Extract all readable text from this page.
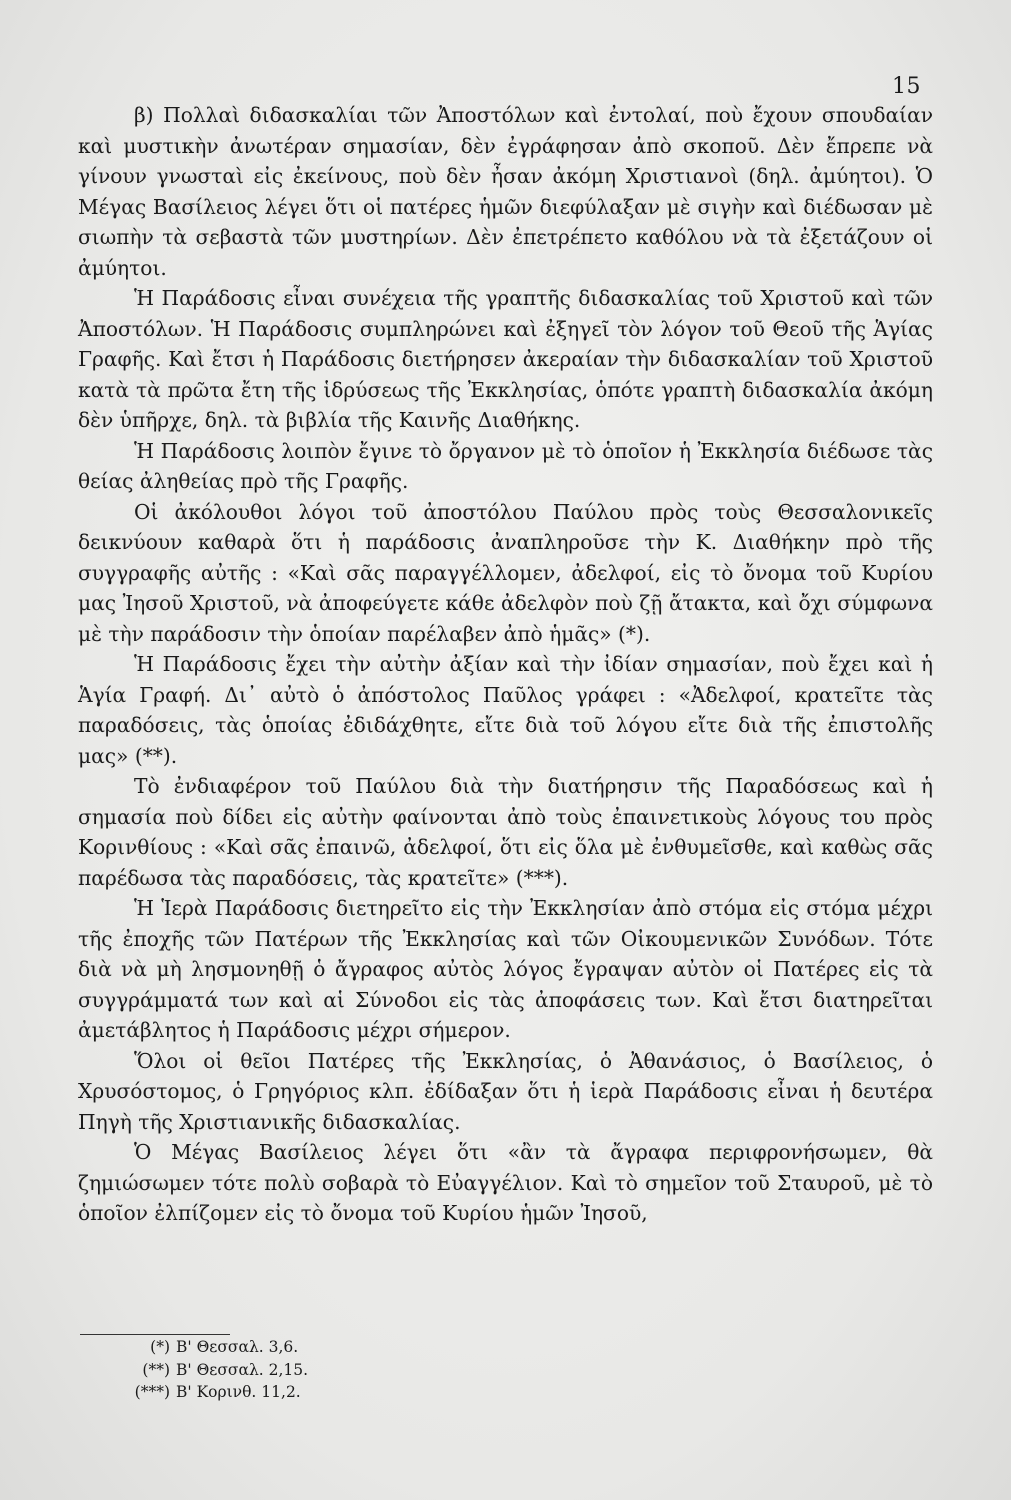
15

β) Πολλαὶ διδασκαλίαι τῶν Ἀποστόλων καὶ ἐντολαί, ποὺ ἔχουν σπουδαίαν καὶ μυστικὴν ἀνωτέραν σημασίαν, δὲν ἐγράφησαν ἀπὸ σκοποῦ. Δὲν ἔπρεπε νὰ γίνουν γνωσταὶ εἰς ἐκείνους, ποὺ δὲν ἦσαν ἀκόμη Χριστιανοὶ (δηλ. ἀμύητοι). Ὁ Μέγας Βασίλειος λέγει ὅτι οἱ πατέρες ἡμῶν διεφύλαξαν μὲ σιγὴν καὶ διέδωσαν μὲ σιωπὴν τὰ σεβαστὰ τῶν μυστηρίων. Δὲν ἐπετρέπετο καθόλου νὰ τὰ ἐξετάζουν οἱ ἀμύητοι.

Ἡ Παράδοσις εἶναι συνέχεια τῆς γραπτῆς διδασκαλίας τοῦ Χριστοῦ καὶ τῶν Ἀποστόλων. Ἡ Παράδοσις συμπληρώνει καὶ ἐξηγεῖ τὸν λόγον τοῦ Θεοῦ τῆς Ἁγίας Γραφῆς. Καὶ ἔτσι ἡ Παράδοσις διετήρησεν ἀκεραίαν τὴν διδασκαλίαν τοῦ Χριστοῦ κατὰ τὰ πρῶτα ἔτη τῆς ἱδρύσεως τῆς Ἐκκλησίας, ὁπότε γραπτὴ διδασκαλία ἀκόμη δὲν ὑπῆρχε, δηλ. τὰ βιβλία τῆς Καινῆς Διαθήκης.

Ἡ Παράδοσις λοιπὸν ἔγινε τὸ ὄργανον μὲ τὸ ὁποῖον ἡ Ἐκκλησία διέδωσε τὰς θείας ἀληθείας πρὸ τῆς Γραφῆς.

Οἱ ἀκόλουθοι λόγοι τοῦ ἀποστόλου Παύλου πρὸς τοὺς Θεσσαλονικεῖς δεικνύουν καθαρὰ ὅτι ἡ παράδοσις ἀναπληροῦσε τὴν Κ. Διαθήκην πρὸ τῆς συγγραφῆς αὐτῆς : «Καὶ σᾶς παραγγέλλομεν, ἀδελφοί, εἰς τὸ ὄνομα τοῦ Κυρίου μας Ἰησοῦ Χριστοῦ, νὰ ἀποφεύγετε κάθε ἀδελφὸν ποὺ ζῇ ἄτακτα, καὶ ὄχι σύμφωνα μὲ τὴν παράδοσιν τὴν ὁποίαν παρέλαβεν ἀπὸ ἡμᾶς» (*).

Ἡ Παράδοσις ἔχει τὴν αὐτὴν ἀξίαν καὶ τὴν ἰδίαν σημασίαν, ποὺ ἔχει καὶ ἡ Ἁγία Γραφή. Δι᾽ αὐτὸ ὁ ἀπόστολος Παῦλος γράφει : «Ἀδελφοί, κρατεῖτε τὰς παραδόσεις, τὰς ὁποίας ἐδιδάχθητε, εἴτε διὰ τοῦ λόγου εἴτε διὰ τῆς ἐπιστολῆς μας» (**).

Τὸ ἐνδιαφέρον τοῦ Παύλου διὰ τὴν διατήρησιν τῆς Παραδόσεως καὶ ἡ σημασία ποὺ δίδει εἰς αὐτὴν φαίνονται ἀπὸ τοὺς ἐπαινετικοὺς λόγους του πρὸς Κορινθίους : «Καὶ σᾶς ἐπαινῶ, ἀδελφοί, ὅτι εἰς ὅλα μὲ ἐνθυμεῖσθε, καὶ καθὼς σᾶς παρέδωσα τὰς παραδόσεις, τὰς κρατεῖτε» (***).

Ἡ Ἱερὰ Παράδοσις διετηρεῖτο εἰς τὴν Ἐκκλησίαν ἀπὸ στόμα εἰς στόμα μέχρι τῆς ἐποχῆς τῶν Πατέρων τῆς Ἐκκλησίας καὶ τῶν Οἰκουμενικῶν Συνόδων. Τότε διὰ νὰ μὴ λησμονηθῇ ὁ ἄγραφος αὐτὸς λόγος ἔγραψαν αὐτὸν οἱ Πατέρες εἰς τὰ συγγράμματά των καὶ αἱ Σύνοδοι εἰς τὰς ἀποφάσεις των. Καὶ ἔτσι διατηρεῖται ἀμετάβλητος ἡ Παράδοσις μέχρι σήμερον.

Ὅλοι οἱ θεῖοι Πατέρες τῆς Ἐκκλησίας, ὁ Ἀθανάσιος, ὁ Βασίλειος, ὁ Χρυσόστομος, ὁ Γρηγόριος κλπ. ἐδίδαξαν ὅτι ἡ ἱερὰ Παράδοσις εἶναι ἡ δευτέρα Πηγὴ τῆς Χριστιανικῆς διδασκαλίας.

Ὁ Μέγας Βασίλειος λέγει ὅτι «ἂν τὰ ἄγραφα περιφρονήσωμεν, θὰ ζημιώσωμεν τότε πολὺ σοβαρὰ τὸ Εὐαγγέλιον. Καὶ τὸ σημεῖον τοῦ Σταυροῦ, μὲ τὸ ὁποῖον ἐλπίζομεν εἰς τὸ ὄνομα τοῦ Κυρίου ἡμῶν Ἰησοῦ,

(*) Β' Θεσσαλ. 3,6.
(**) Β' Θεσσαλ. 2,15.
(***) Β' Κορινθ. 11,2.
